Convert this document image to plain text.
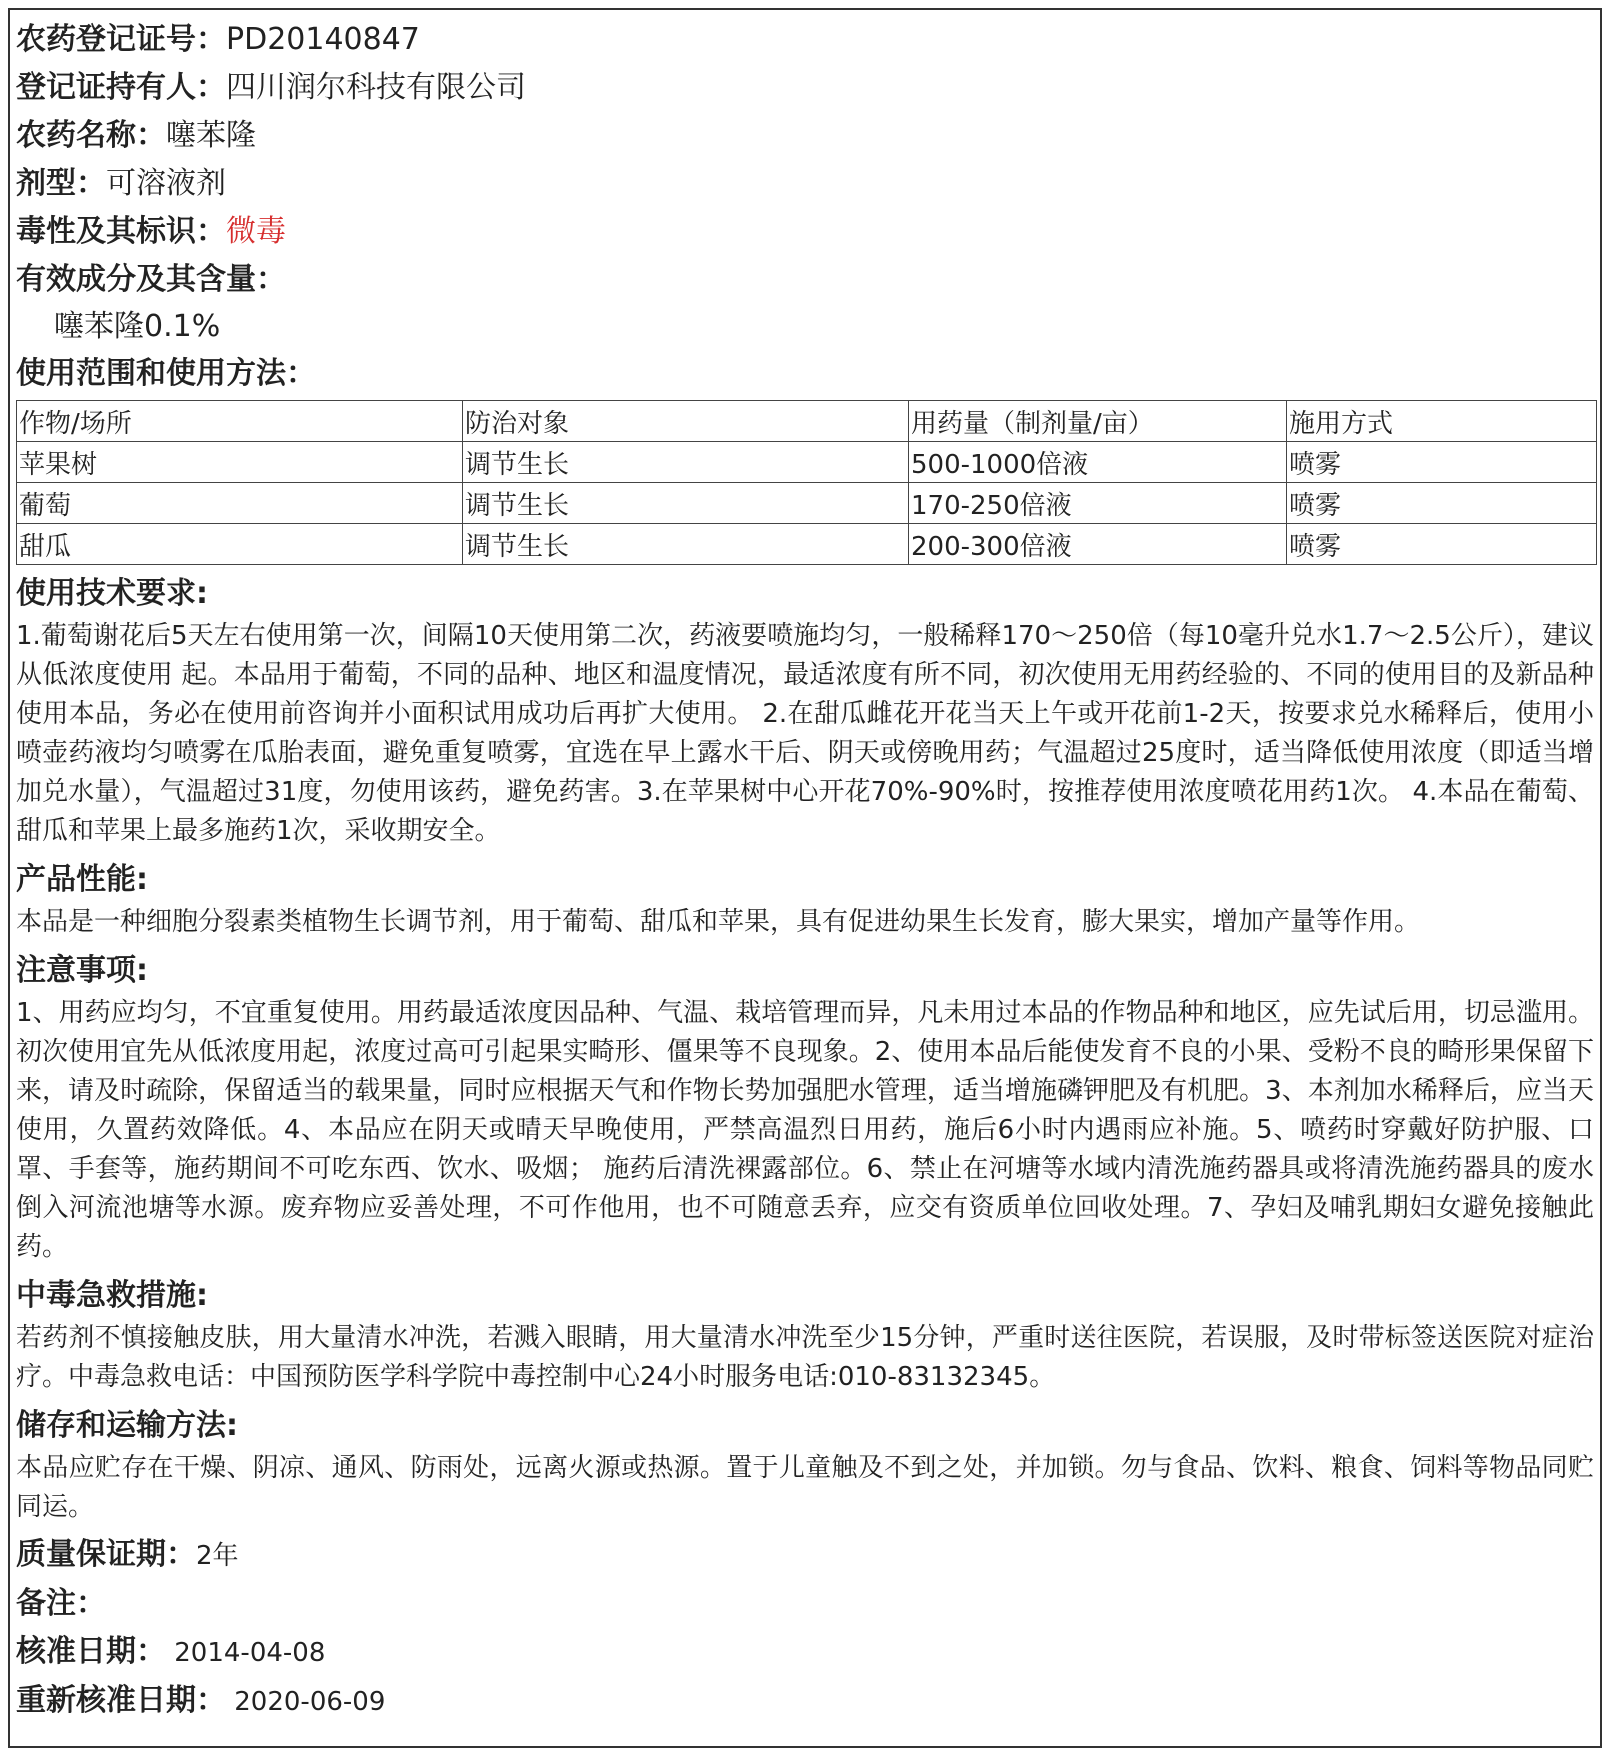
农药登记证号：PD20140847
登记证持有人：四川润尔科技有限公司
农药名称：噻苯隆
剂型：可溶液剂
毒性及其标识：微毒
有效成分及其含量：
噻苯隆0.1%
使用范围和使用方法：
作物/场所	防治对象	用药量（制剂量/亩）	施用方式
苹果树	调节生长	500-1000倍液	喷雾
葡萄	调节生长	170-250倍液	喷雾
甜瓜	调节生长	200-300倍液	喷雾
使用技术要求:
1.葡萄谢花后5天左右使用第一次，间隔10天使用第二次，药液要喷施均匀，一般稀释170～250倍（每10毫升兑水1.7～2.5公斤），建议从低浓度使用 起。本品用于葡萄，不同的品种、地区和温度情况，最适浓度有所不同，初次使用无用药经验的、不同的使用目的及新品种使用本品，务必在使用前咨询并小面积试用成功后再扩大使用。 2.在甜瓜雌花开花当天上午或开花前1-2天，按要求兑水稀释后，使用小喷壶药液均匀喷雾在瓜胎表面，避免重复喷雾，宜选在早上露水干后、阴天或傍晚用药；气温超过25度时，适当降低使用浓度（即适当增加兑水量），气温超过31度，勿使用该药，避免药害。3.在苹果树中心开花70%-90%时，按推荐使用浓度喷花用药1次。 4.本品在葡萄、甜瓜和苹果上最多施药1次，采收期安全。
产品性能:
本品是一种细胞分裂素类植物生长调节剂，用于葡萄、甜瓜和苹果，具有促进幼果生长发育，膨大果实，增加产量等作用。
注意事项:
1、用药应均匀，不宜重复使用。用药最适浓度因品种、气温、栽培管理而异，凡未用过本品的作物品种和地区，应先试后用，切忌滥用。初次使用宜先从低浓度用起，浓度过高可引起果实畸形、僵果等不良现象。2、使用本品后能使发育不良的小果、受粉不良的畸形果保留下来，请及时疏除，保留适当的载果量，同时应根据天气和作物长势加强肥水管理，适当增施磷钾肥及有机肥。3、本剂加水稀释后，应当天使用，久置药效降低。4、本品应在阴天或晴天早晚使用，严禁高温烈日用药，施后6小时内遇雨应补施。5、喷药时穿戴好防护服、口罩、手套等，施药期间不可吃东西、饮水、吸烟； 施药后清洗裸露部位。6、禁止在河塘等水域内清洗施药器具或将清洗施药器具的废水倒入河流池塘等水源。废弃物应妥善处理，不可作他用，也不可随意丢弃，应交有资质单位回收处理。7、孕妇及哺乳期妇女避免接触此药。
中毒急救措施:
若药剂不慎接触皮肤，用大量清水冲洗，若溅入眼睛，用大量清水冲洗至少15分钟，严重时送往医院，若误服，及时带标签送医院对症治疗。中毒急救电话：中国预防医学科学院中毒控制中心24小时服务电话:010-83132345。
储存和运输方法:
本品应贮存在干燥、阴凉、通风、防雨处，远离火源或热源。置于儿童触及不到之处，并加锁。勿与食品、饮料、粮食、饲料等物品同贮同运。
质量保证期：2年
备注：
核准日期： 2014-04-08
重新核准日期： 2020-06-09
